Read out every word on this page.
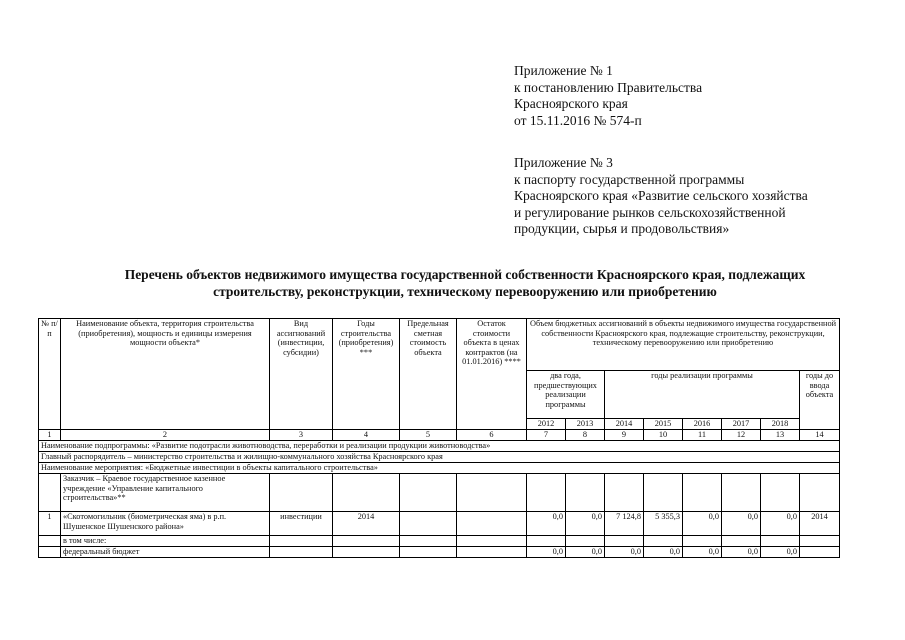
Приложение № 1
к постановлению Правительства
Красноярского края
от 15.11.2016 № 574-п
Приложение № 3
к паспорту государственной программы
Красноярского края «Развитие сельского хозяйства
и регулирование рынков сельскохозяйственной
продукции, сырья и продовольствия»
Перечень объектов недвижимого имущества государственной собственности Красноярского края, подлежащих
строительству, реконструкции, техническому перевооружению или приобретению
№ п/п	Наименование объекта, территория строительства (приобретения), мощность и единицы измерения мощности объекта*	Вид ассигнований (инвестиции, субсидии)	Годы строительства (приобретения) ***	Предельная сметная стоимость объекта	Остаток стоимости объекта в ценах контрактов (на 01.01.2016) ****	Объем бюджетных ассигнований в объекты недвижимого имущества государственной собственности Красноярского края, подлежащие строительству, реконструкции, техническому перевооружению или приобретению							
						два года, предшествующих реализации программы		годы реализации программы					годы до ввода объекта
						2012	2013	2014	2015	2016	2017	2018	
1	2	3	4	5	6	7	8	9	10	11	12	13	14
Наименование подпрограммы: «Развитие подотрасли животноводства, переработки и реализации продукции животноводства»													
Главный распорядитель – министерство строительства и жилищно-коммунального хозяйства Красноярского края													
Наименование мероприятия: «Бюджетные инвестиции в объекты капитального строительства»													
	Заказчик – Краевое государственное казенное учреждение «Управление капитального строительства»**												
1	«Скотомогильник (биометрическая яма) в р.п. Шушенское Шушенского района»	инвестиции	2014			0,0	0,0	7 124,8	5 355,3	0,0	0,0	0,0	2014
	в том числе:												
	федеральный бюджет					0,0	0,0	0,0	0,0	0,0	0,0	0,0	
